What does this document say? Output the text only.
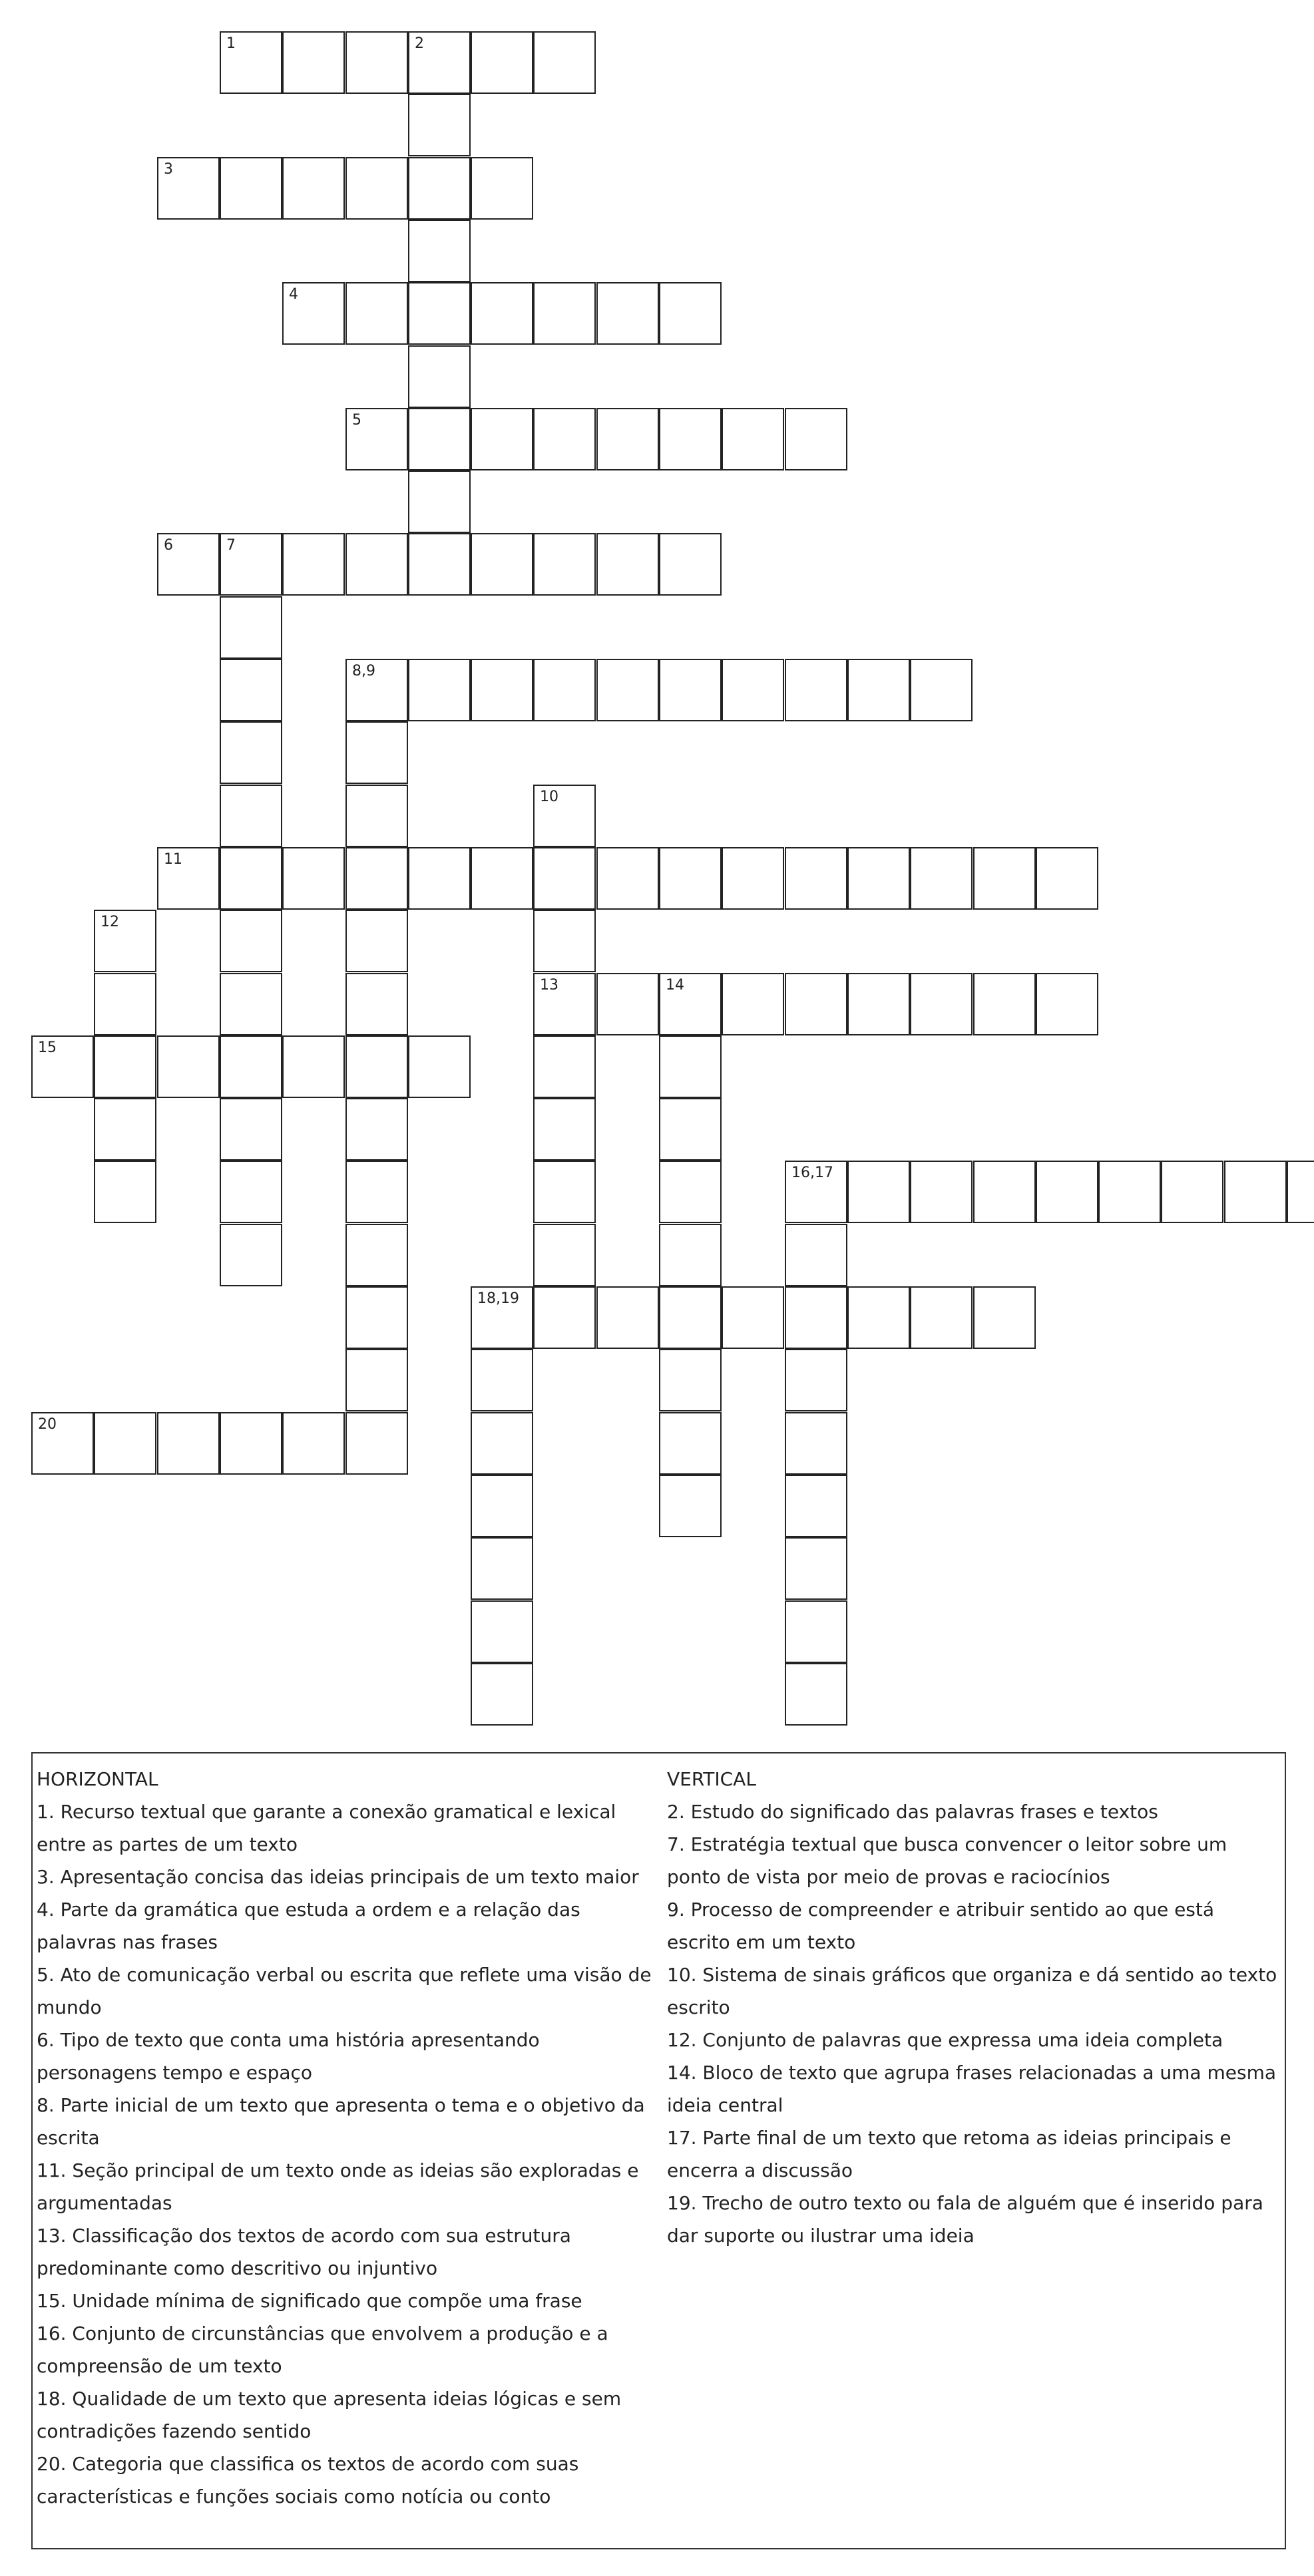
1	2
3
4
5
6	7
8,9
10
11
12
13	14
15
16,17
18,19
20
HORIZONTAL
1. Recurso textual que garante a conexão gramatical e lexical entre as partes de um texto
3. Apresentação concisa das ideias principais de um texto maior
4. Parte da gramática que estuda a ordem e a relação das palavras nas frases
5. Ato de comunicação verbal ou escrita que reflete uma visão de mundo
6. Tipo de texto que conta uma história apresentando personagens tempo e espaço
8. Parte inicial de um texto que apresenta o tema e o objetivo da escrita
11. Seção principal de um texto onde as ideias são exploradas e argumentadas
13. Classificação dos textos de acordo com sua estrutura predominante como descritivo ou injuntivo
15. Unidade mínima de significado que compõe uma frase
16. Conjunto de circunstâncias que envolvem a produção e a compreensão de um texto
18. Qualidade de um texto que apresenta ideias lógicas e sem contradições fazendo sentido
20. Categoria que classifica os textos de acordo com suas características e funções sociais como notícia ou conto
VERTICAL
2. Estudo do significado das palavras frases e textos
7. Estratégia textual que busca convencer o leitor sobre um ponto de vista por meio de provas e raciocínios
9. Processo de compreender e atribuir sentido ao que está escrito em um texto
10. Sistema de sinais gráficos que organiza e dá sentido ao texto escrito
12. Conjunto de palavras que expressa uma ideia completa
14. Bloco de texto que agrupa frases relacionadas a uma mesma ideia central
17. Parte final de um texto que retoma as ideias principais e encerra a discussão
19. Trecho de outro texto ou fala de alguém que é inserido para dar suporte ou ilustrar uma ideia
